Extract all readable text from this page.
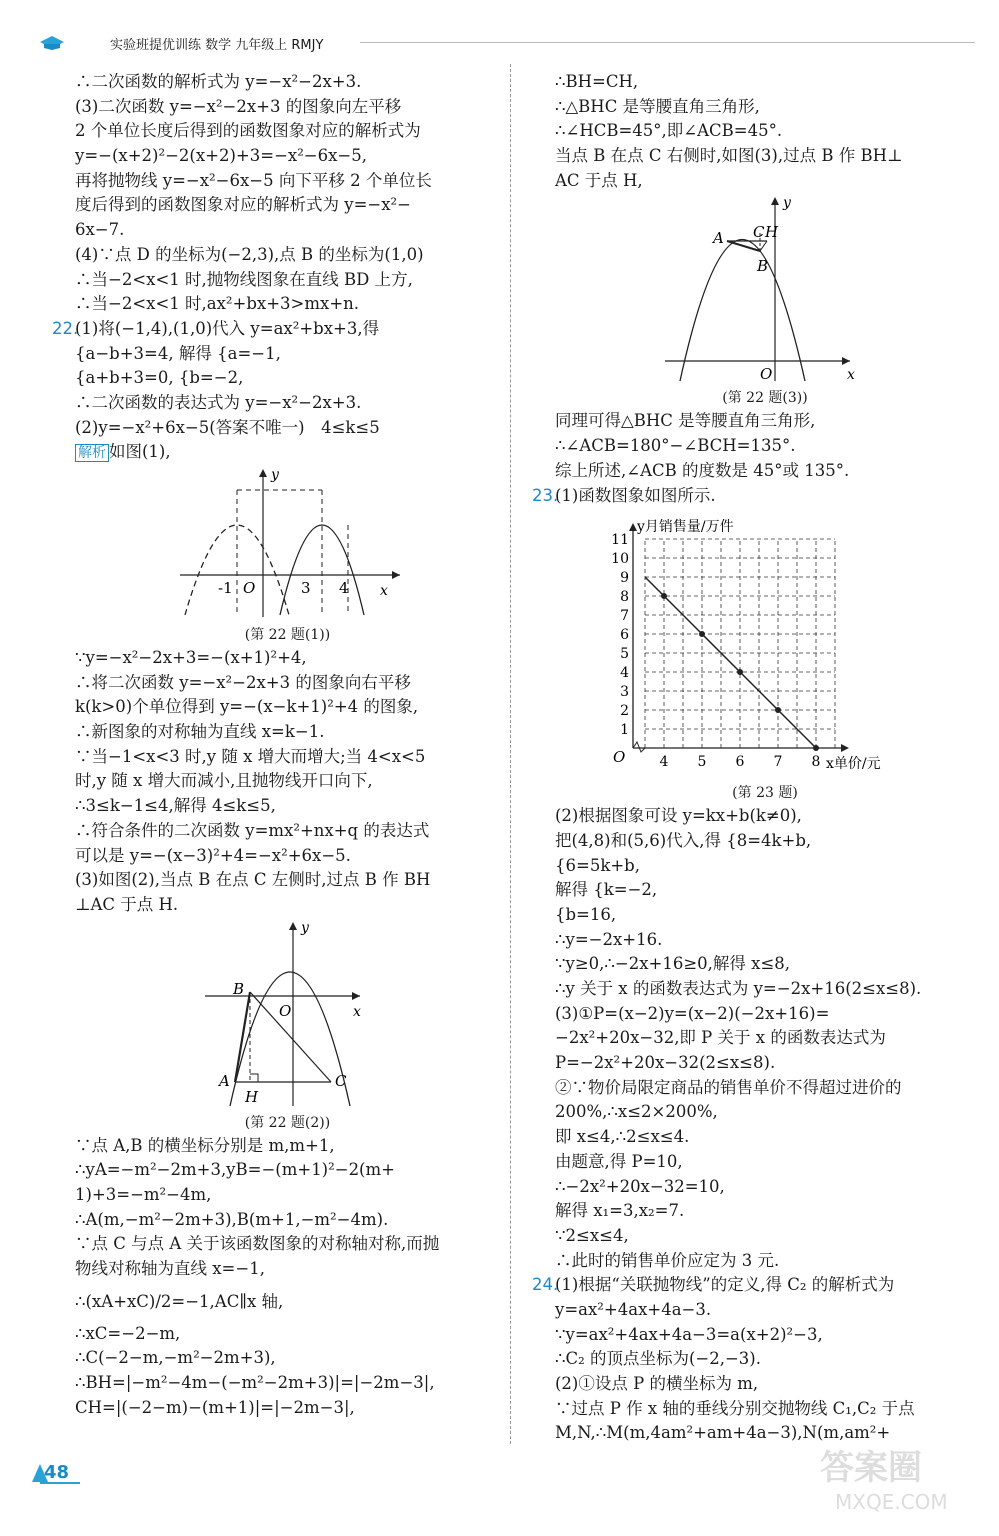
实验班提优训练 数学 九年级上 RMJY
∴二次函数的解析式为 y=−x²−2x+3.
(3)二次函数 y=−x²−2x+3 的图象向左平移
2 个单位长度后得到的函数图象对应的解析式为
y=−(x+2)²−2(x+2)+3=−x²−6x−5,
再将抛物线 y=−x²−6x−5 向下平移 2 个单位长
度后得到的函数图象对应的解析式为 y=−x²−
6x−7.
(4)∵点 D 的坐标为(−2,3),点 B 的坐标为(1,0)
∴当−2<x<1 时,抛物线图象在直线 BD 上方,
∴当−2<x<1 时,ax²+bx+3>mx+n.
22.(1)将(−1,4),(1,0)代入 y=ax²+bx+3,得
{a−b+3=4, 解得 {a=−1,
{a+b+3=0, {b=−2,
∴二次函数的表达式为 y=−x²−2x+3.
(2)y=−x²+6x−5(答案不唯一)　4≤k≤5
解析 如图(1),
y
x
-1 O	3 4
(第 22 题(1))
∵y=−x²−2x+3=−(x+1)²+4,
∴将二次函数 y=−x²−2x+3 的图象向右平移
k(k>0)个单位得到 y=−(x−k+1)²+4 的图象,
∴新图象的对称轴为直线 x=k−1.
∵当−1<x<3 时,y 随 x 增大而增大;当 4<x<5
时,y 随 x 增大而减小,且抛物线开口向下,
∴3≤k−1≤4,解得 4≤k≤5,
∴符合条件的二次函数 y=mx²+nx+q 的表达式
可以是 y=−(x−3)²+4=−x²+6x−5.
(3)如图(2),当点 B 在点 C 左侧时,过点 B 作 BH
⊥AC 于点 H.
y
x
O
B
A	C
H
(第 22 题(2))
∵点 A,B 的横坐标分别是 m,m+1,
∴yA=−m²−2m+3,yB=−(m+1)²−2(m+
1)+3=−m²−4m,
∴A(m,−m²−2m+3),B(m+1,−m²−4m).
∵点 C 与点 A 关于该函数图象的对称轴对称,而抛
物线对称轴为直线 x=−1,
∴(xA+xC)/2=−1,AC∥x 轴,
∴xC=−2−m,
∴C(−2−m,−m²−2m+3),
∴BH=|−m²−4m−(−m²−2m+3)|=|−2m−3|,
CH=|(−2−m)−(m+1)|=|−2m−3|,
∴BH=CH,
∴△BHC 是等腰直角三角形,
∴∠HCB=45°,即∠ACB=45°.
当点 B 在点 C 右侧时,如图(3),过点 B 作 BH⊥
AC 于点 H,
y
x
O
A C H
B
(第 22 题(3))
同理可得△BHC 是等腰直角三角形,
∴∠ACB=180°−∠BCH=135°.
综上所述,∠ACB 的度数是 45°或 135°.
23.(1)函数图象如图所示.
1
2
3
4
5
6
7
8
9
10
11
4 5 6 7 8
O
y月销售量/万件
x单价/元
(第 23 题)
(2)根据图象可设 y=kx+b(k≠0),
把(4,8)和(5,6)代入,得 {8=4k+b,
{6=5k+b,
解得 {k=−2,
{b=16,
∴y=−2x+16.
∵y≥0,∴−2x+16≥0,解得 x≤8,
∴y 关于 x 的函数表达式为 y=−2x+16(2≤x≤8).
(3)①P=(x−2)y=(x−2)(−2x+16)=
−2x²+20x−32,即 P 关于 x 的函数表达式为
P=−2x²+20x−32(2≤x≤8).
②∵物价局限定商品的销售单价不得超过进价的
200%,∴x≤2×200%,
即 x≤4,∴2≤x≤4.
由题意,得 P=10,
∴−2x²+20x−32=10,
解得 x₁=3,x₂=7.
∵2≤x≤4,
∴此时的销售单价应定为 3 元.
24.(1)根据“关联抛物线”的定义,得 C₂ 的解析式为
y=ax²+4ax+4a−3.
∵y=ax²+4ax+4a−3=a(x+2)²−3,
∴C₂ 的顶点坐标为(−2,−3).
(2)①设点 P 的横坐标为 m,
∵过点 P 作 x 轴的垂线分别交抛物线 C₁,C₂ 于点
M,N,∴M(m,4am²+am+4a−3),N(m,am²+
48	答案圈
MXQE.COM
